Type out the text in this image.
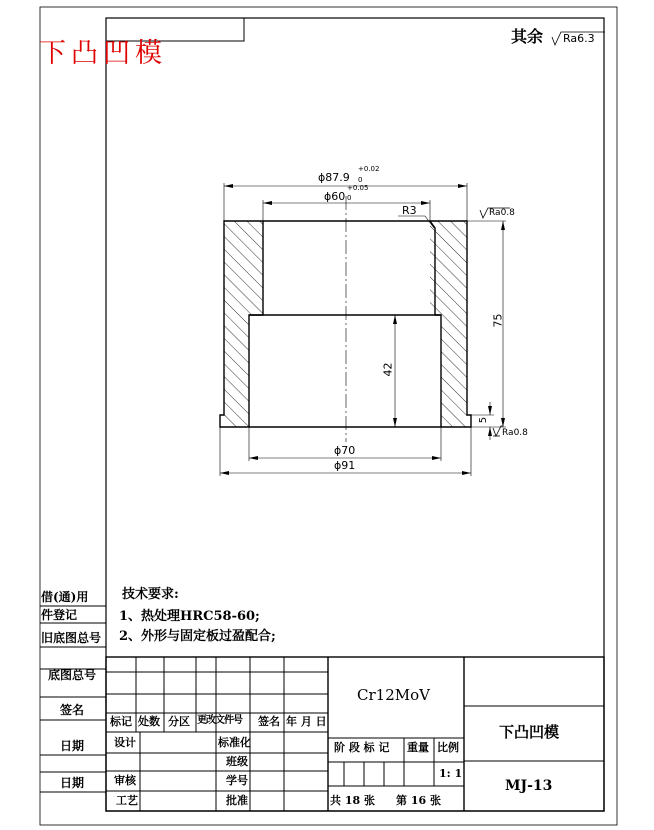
下凸凹模
其余 Ra6.3
ϕ87.9
+0.02
0
ϕ60
+0.05
0
R3	Ra0.8
Ra0.8
75
42
5
ϕ70
ϕ91
借(通)用
件登记
旧底图总号
底图总号
签名
日期
日期
技术要求:
1、热处理HRC58-60;
2、外形与固定板过盈配合;
Cr12MoV
下凸凹模
MJ-13
标记 处数 分区 更改文件号 签名 年 月 日
设计	标准化
班级
审核	学号
工艺	批准
阶 段 标 记 重量 比例
1: 1
共 18 张 第 16 张
